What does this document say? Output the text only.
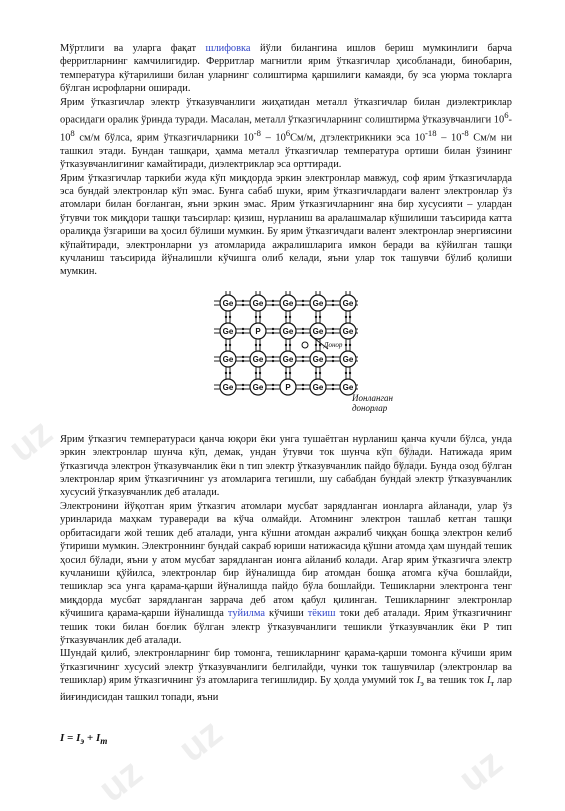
uz
uz
uz
uz	uz

Мўртлиги ва уларга фақат шлифовка йўли билангина ишлов бериш мумкинлиги барча ферритларнинг камчилигидир. Ферритлар магнитли ярим ўтказгичлар ҳисобланади, бинобарин, температура кўтарилиши билан уларнинг солиштирма қаршилиги камаяди, бу эса уюрма токларга бўлган исрофларни оширади.

Ярим ўтказгичлар электр ўтказувчанлиги жиҳатидан металл ўтказгичлар билан диэлектриклар орасидаги оралик ўринда туради. Масалан, металл ўтказгичларнинг солиштирма ўтказувчанлиги $10^6-10^8$ см/м бўлса, ярим ўтказгичларники $10^{-8} - 10^6См/м$, дтэлектрикники эса $10^{-18} - 10^{-8}$ См/м ни ташкил этади. Бундан ташқари, ҳамма металл ўтказгичлар температура ортиши билан ўзининг ўтказувчанлигиниг камайтиради, диэлектриклар эса орттиради.

Ярим ўтказгичлар таркиби жуда кўп миқдорда эркин электронлар мавжуд, соф ярим ўтказгичларда эса бундай электронлар кўп эмас. Бунга сабаб шуки, ярим ўтказгичлардаги валент электронлар ўз атомлари билан боғланган, яъни эркин эмас. Ярим ўтказгичларнинг яна бир хусусияти – улардан ўтувчи ток миқдори ташқи таъсирлар: қизиш, нурланиш ва аралашмалар кўшилиши таъсирида катта оралиқда ўзгариши ва ҳосил бўлиши мумкин. Бу ярим ўтказгичдаги валент электронлар энергиясини кўпайтиради, электронларни уз атомларида ажралишларига имкон беради ва кўйилган ташқи кучланиш таъсирида йўналишли кўчишга олиб келади, яъни улар ток ташувчи бўлиб қолиши мумкин.

Ge Ge Ge Ge Ge
Ge	P	Ge Ge Ge
Ge Ge Ge Ge Ge
Ge Ge	P	Ge Ge
Донор
Ионланган
донорлар

Ярим ўтказгич температураси қанча юқори ёки унга тушаётган нурланиш қанча кучли бўлса, унда эркин электронлар шунча кўп, демак, ундан ўтувчи ток шунча кўп бўлади. Натижада ярим ўтказгичда электрон ўтказувчанлик ёки n тип электр ўтказувчанлик пайдо бўлади. Бунда озод бўлган электронлар ярим ўтказгичнинг уз атомларига тегишли, шу сабабдан бундай электр ўтказувчанлик хусусий ўтказувчанлик деб аталади.

Электронини йўқотган ярим ўтказгич атомлари мусбат зарядланган ионларга айланади, улар ўз уринларида маҳкам тураверади ва кўча олмайди. Атомнинг электрон ташлаб кетган ташқи орбитасидаги жой тешик деб аталади, унга кўшни атомдан ажралиб чиққан бошқа электрон келиб ўтириши мумкин. Электроннинг бундай сакраб юриши натижасида қўшни атомда ҳам шундай тешик ҳосил бўлади, яъни у атом мусбат зарядланган ионга айланиб колади. Агар ярим ўтказгичга электр кучланиши қўйилса, электронлар бир йўналишда бир атомдан бошқа атомга кўча бошлайди, тешиклар эса унга қарама-қарши йўналишда пайдо бўла бошлайди. Тешикларни электронга тенг миқдорда мусбат зарядланган заррача деб атом қабул қилинган. Тешикларнинг электронлар кўчишига қарама-қарши йўналишда туйилма кўчиши тёкиш токи деб аталади. Ярим ўтказгичнинг тешик токи билан боғлик бўлган электр ўтказувчанлиги тешикли ўтказувчанлик ёки Р тип ўтказувчанлик деб аталади.

Шундай қилиб, электронларнинг бир томонга, тешикларнинг қарама-қарши томонга кўчиши ярим ўтказгичнинг хусусий электр ўтказувчанлиги белгилайди, чунки ток ташувчилар (электронлар ва тешиклар) ярим ўтказгичнинг ўз атомларига тегишлидир. Бу ҳолда умумий ток $I_э$ ва тешик ток $I_т$ лар йиғиндисидан ташкил топади, яъни

$I = I_э + I_т$
